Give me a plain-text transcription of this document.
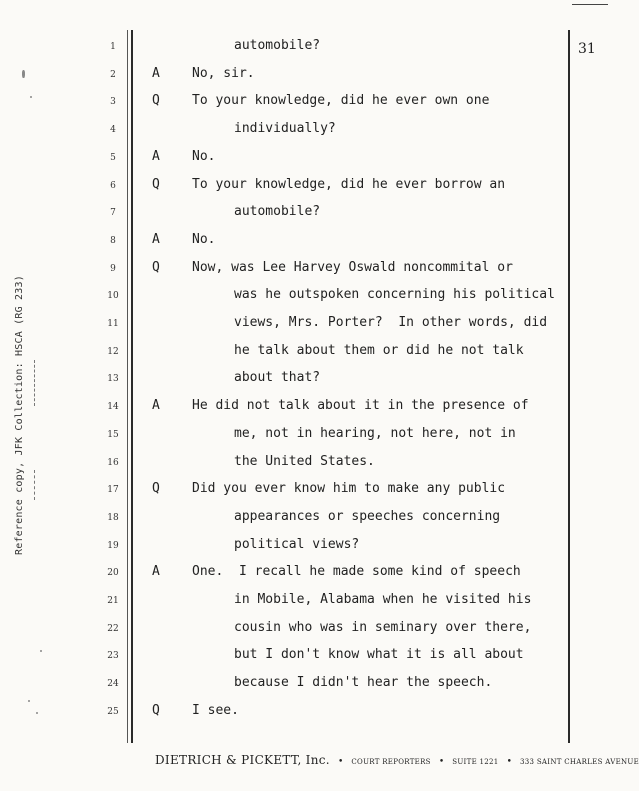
31
Reference copy, JFK Collection: HSCA (RG 233)
1	automobile?
2	A	No, sir.
3	Q	To your knowledge, did he ever own one
4	individually?
5	A	No.
6	Q	To your knowledge, did he ever borrow an
7	automobile?
8	A	No.
9	Q	Now, was Lee Harvey Oswald noncommital or
10	was he outspoken concerning his political
11	views, Mrs. Porter?  In other words, did
12	he talk about them or did he not talk
13	about that?
14	A	He did not talk about it in the presence of
15	me, not in hearing, not here, not in
16	the United States.
17	Q	Did you ever know him to make any public
18	appearances or speeches concerning
19	political views?
20	A	One.  I recall he made some kind of speech
21	in Mobile, Alabama when he visited his
22	cousin who was in seminary over there,
23	but I don't know what it is all about
24	because I didn't hear the speech.
25	Q	I see.
DIETRICH & PICKETT, Inc. • COURT REPORTERS • SUITE 1221 • 333 SAINT CHARLES AVENUE
